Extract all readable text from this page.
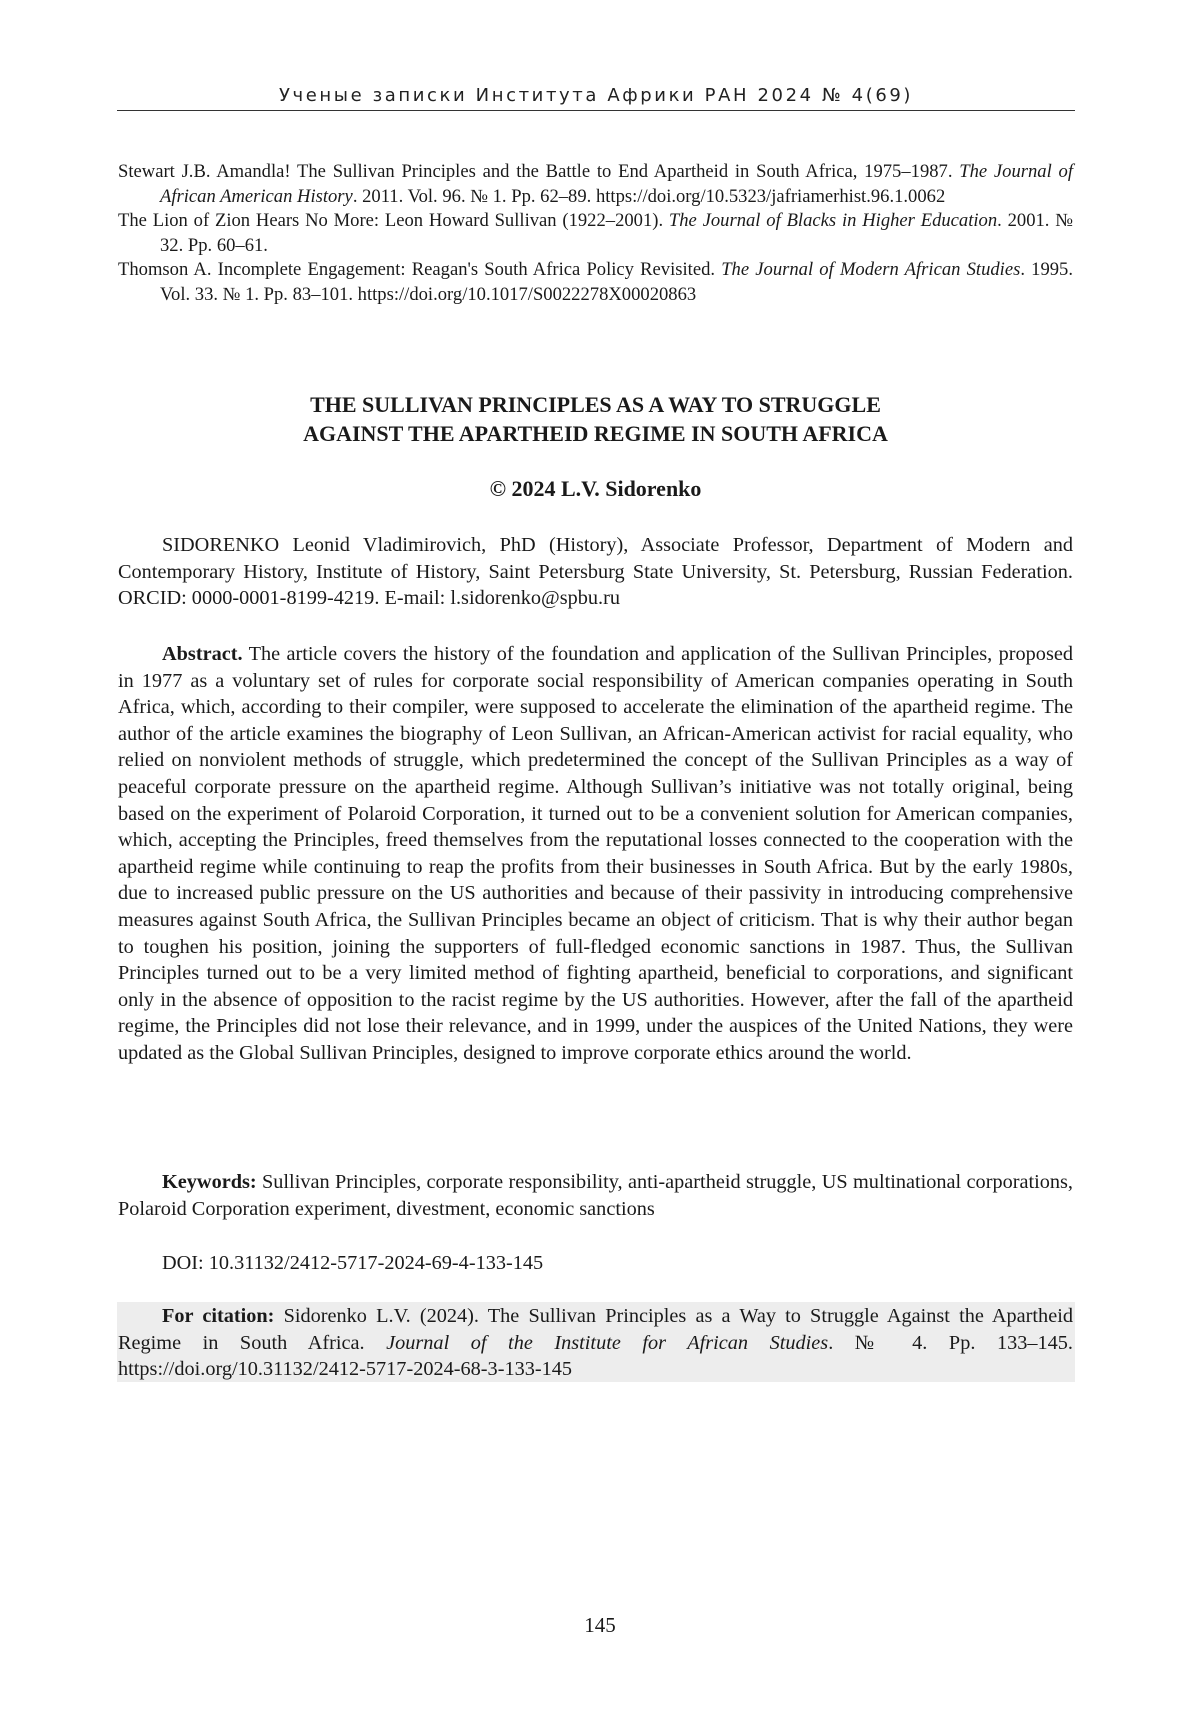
Ученые записки Института Африки РАН 2024 № 4(69)

Stewart J.B. Amandla! The Sullivan Principles and the Battle to End Apartheid in South Africa, 1975–1987. The Journal of African American History. 2011. Vol. 96. № 1. Pp. 62–89. https://doi.org/10.5323/jafriamerhist.96.1.0062

The Lion of Zion Hears No More: Leon Howard Sullivan (1922–2001). The Journal of Blacks in Higher Education. 2001. № 32. Pp. 60–61.

Thomson A. Incomplete Engagement: Reagan's South Africa Policy Revisited. The Journal of Modern African Studies. 1995. Vol. 33. № 1. Pp. 83–101. https://doi.org/10.1017/S0022278X00020863

THE SULLIVAN PRINCIPLES AS A WAY TO STRUGGLE
AGAINST THE APARTHEID REGIME IN SOUTH AFRICA
© 2024 L.V. Sidorenko

SIDORENKO Leonid Vladimirovich, PhD (History), Associate Professor, Department of Modern and Contemporary History, Institute of History, Saint Petersburg State University, St. Petersburg, Russian Federation. ORCID: 0000-0001-8199-4219. E-mail: l.sidorenko@spbu.ru

Abstract. The article covers the history of the foundation and application of the Sullivan Principles, proposed in 1977 as a voluntary set of rules for corporate social responsibility of American companies operating in South Africa, which, according to their compiler, were supposed to accelerate the elimination of the apartheid regime. The author of the article examines the biography of Leon Sullivan, an African-American activist for racial equality, who relied on nonviolent methods of struggle, which predetermined the concept of the Sullivan Principles as a way of peaceful corporate pressure on the apartheid regime. Although Sullivan’s initiative was not totally original, being based on the experiment of Polaroid Corporation, it turned out to be a convenient solution for American companies, which, accepting the Principles, freed themselves from the reputational losses connected to the cooperation with the apartheid regime while continuing to reap the profits from their businesses in South Africa. But by the early 1980s, due to increased public pressure on the US authorities and because of their passivity in introducing comprehensive measures against South Africa, the Sullivan Principles became an object of criticism. That is why their author began to toughen his position, joining the supporters of full-fledged economic sanctions in 1987. Thus, the Sullivan Principles turned out to be a very limited method of fighting apartheid, beneficial to corporations, and significant only in the absence of opposition to the racist regime by the US authorities. However, after the fall of the apartheid regime, the Principles did not lose their relevance, and in 1999, under the auspices of the United Nations, they were updated as the Global Sullivan Principles, designed to improve corporate ethics around the world.

Keywords: Sullivan Principles, corporate responsibility, anti-apartheid struggle, US multinational corporations, Polaroid Corporation experiment, divestment, economic sanctions

DOI: 10.31132/2412-5717-2024-69-4-133-145

For citation: Sidorenko L.V. (2024). The Sullivan Principles as a Way to Struggle Against the Apartheid Regime in South Africa. Journal of the Institute for African Studies. № 4. Pp. 133–145. https://doi.org/10.31132/2412-5717-2024-68-3-133-145

145
